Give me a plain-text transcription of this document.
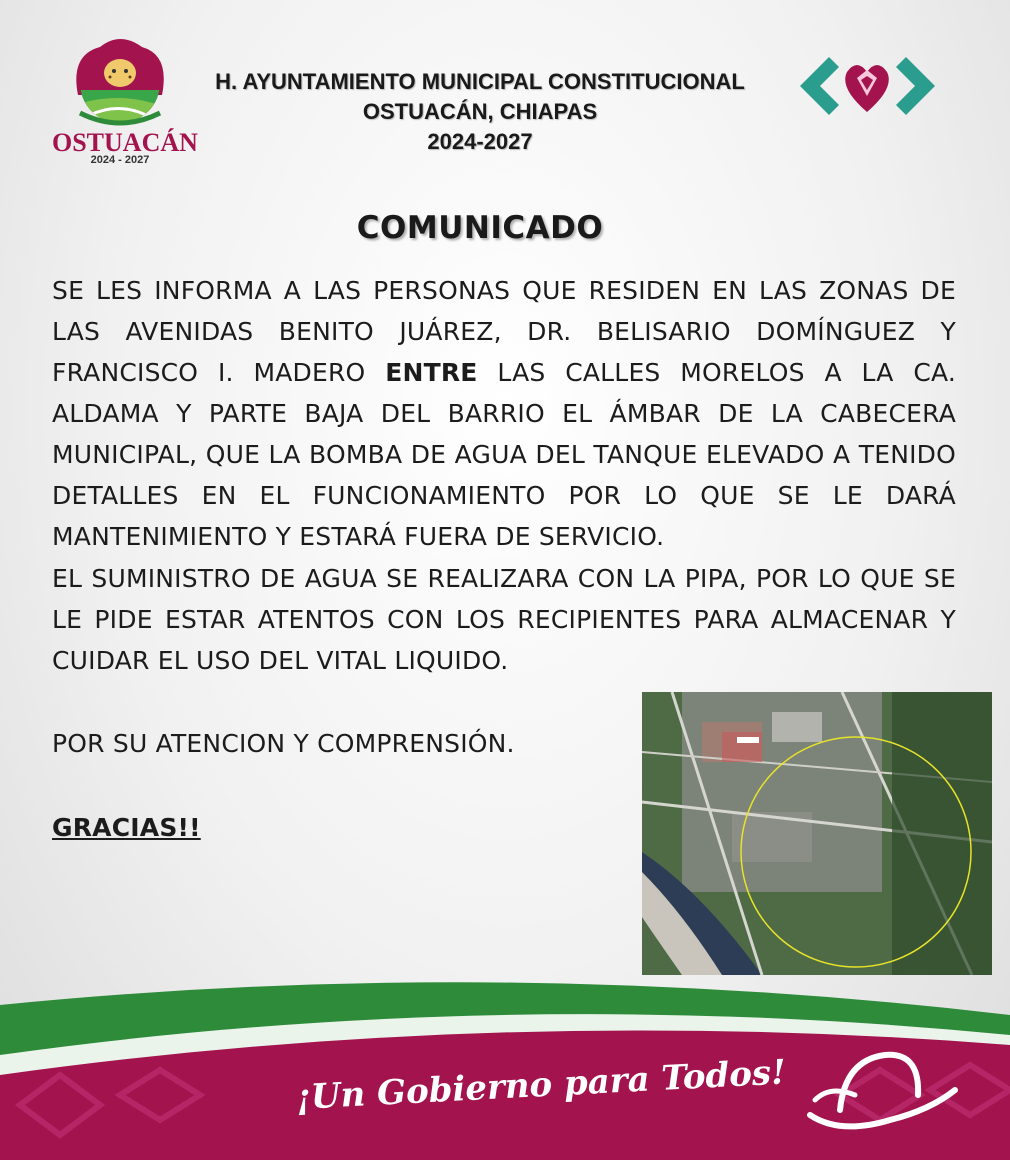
OSTUACÁN
2024 - 2027
H. AYUNTAMIENTO MUNICIPAL CONSTITUCIONAL
OSTUACÁN, CHIAPAS
2024-2027
COMUNICADO
SE LES INFORMA A LAS PERSONAS QUE RESIDEN EN LAS ZONAS DE LAS AVENIDAS BENITO JUÁREZ, DR. BELISARIO DOMÍNGUEZ Y FRANCISCO I. MADERO ENTRE LAS CALLES MORELOS A LA CA. ALDAMA Y PARTE BAJA DEL BARRIO EL ÁMBAR DE LA CABECERA MUNICIPAL, QUE LA BOMBA DE AGUA DEL TANQUE ELEVADO A TENIDO DETALLES EN EL FUNCIONAMIENTO POR LO QUE SE LE DARÁ MANTENIMIENTO Y ESTARÁ FUERA DE SERVICIO.
EL SUMINISTRO DE AGUA SE REALIZARA CON LA PIPA, POR LO QUE SE LE PIDE ESTAR ATENTOS CON LOS RECIPIENTES PARA ALMACENAR Y CUIDAR EL USO DEL VITAL LIQUIDO.
POR SU ATENCION Y COMPRENSIÓN.
GRACIAS!!
¡Un Gobierno para Todos!
